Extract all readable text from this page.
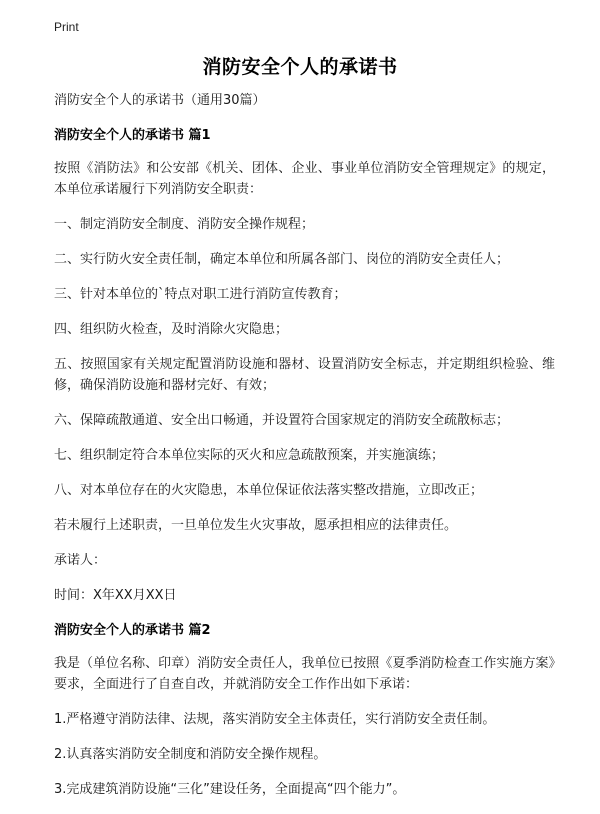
Print
消防安全个人的承诺书

消防安全个人的承诺书（通用30篇）

消防安全个人的承诺书 篇1

按照《消防法》和公安部《机关、团体、企业、事业单位消防安全管理规定》的规定，本单位承诺履行下列消防安全职责：

一、制定消防安全制度、消防安全操作规程；

二、实行防火安全责任制，确定本单位和所属各部门、岗位的消防安全责任人；

三、针对本单位的`特点对职工进行消防宣传教育；

四、组织防火检查，及时消除火灾隐患；

五、按照国家有关规定配置消防设施和器材、设置消防安全标志，并定期组织检验、维修，确保消防设施和器材完好、有效；

六、保障疏散通道、安全出口畅通，并设置符合国家规定的消防安全疏散标志；

七、组织制定符合本单位实际的灭火和应急疏散预案，并实施演练；

八、对本单位存在的火灾隐患，本单位保证依法落实整改措施，立即改正；

若未履行上述职责，一旦单位发生火灾事故，愿承担相应的法律责任。

承诺人：

时间：X年XX月XX日

消防安全个人的承诺书 篇2

我是（单位名称、印章）消防安全责任人，我单位已按照《夏季消防检查工作实施方案》要求，全面进行了自查自改，并就消防安全工作作出如下承诺：

1.严格遵守消防法律、法规，落实消防安全主体责任，实行消防安全责任制。

2.认真落实消防安全制度和消防安全操作规程。

3.完成建筑消防设施“三化”建设任务，全面提高“四个能力”。
